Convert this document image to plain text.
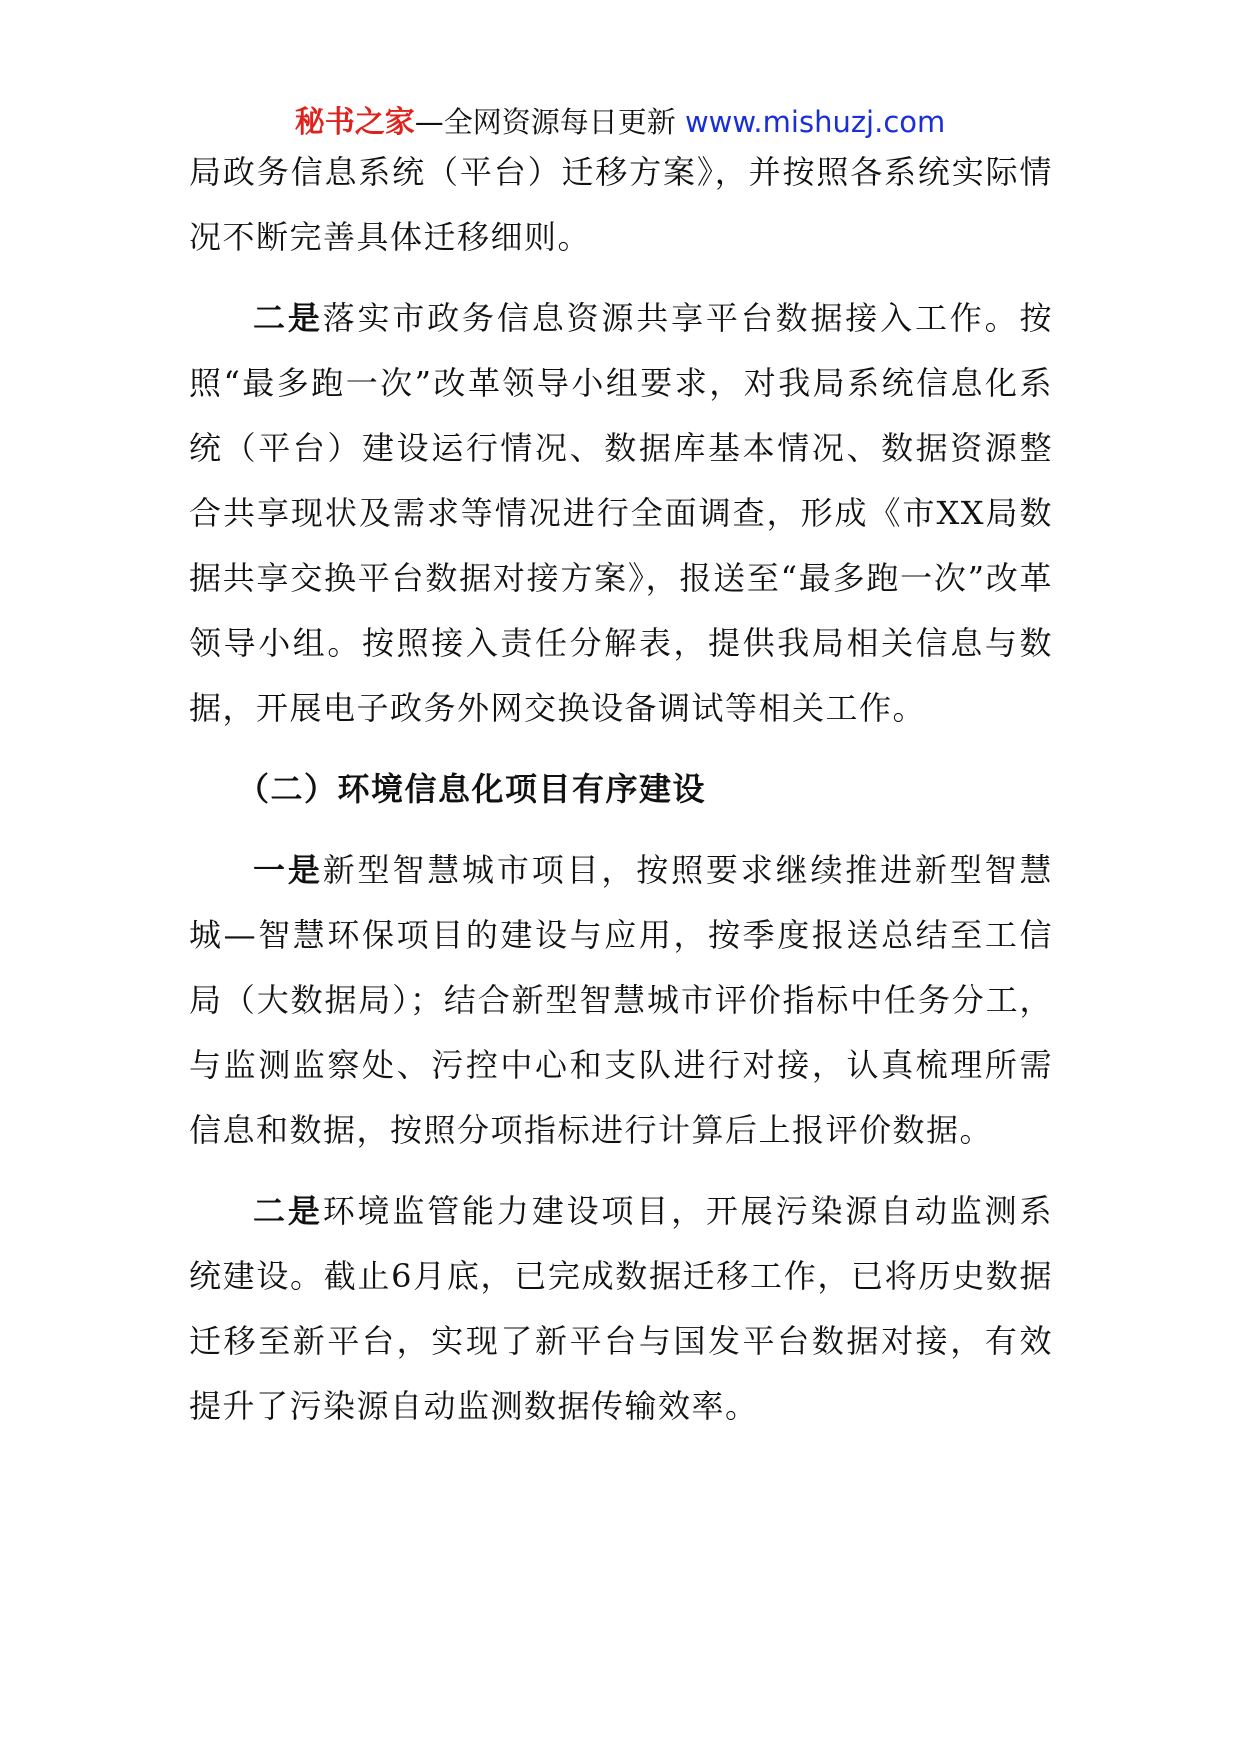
秘书之家—全网资源每日更新 www.mishuzj.com

局政务信息系统（平台）迁移方案》，并按照各系统实际情况不断完善具体迁移细则。

二是落实市政务信息资源共享平台数据接入工作。按照“最多跑一次”改革领导小组要求，对我局系统信息化系统（平台）建设运行情况、数据库基本情况、数据资源整合共享现状及需求等情况进行全面调查，形成《市XX局数据共享交换平台数据对接方案》，报送至“最多跑一次”改革领导小组。按照接入责任分解表，提供我局相关信息与数据，开展电子政务外网交换设备调试等相关工作。

（二）环境信息化项目有序建设

一是新型智慧城市项目，按照要求继续推进新型智慧城—智慧环保项目的建设与应用，按季度报送总结至工信局（大数据局）；结合新型智慧城市评价指标中任务分工，与监测监察处、污控中心和支队进行对接，认真梳理所需信息和数据，按照分项指标进行计算后上报评价数据。

二是环境监管能力建设项目，开展污染源自动监测系统建设。截止6月底，已完成数据迁移工作，已将历史数据迁移至新平台，实现了新平台与国发平台数据对接，有效提升了污染源自动监测数据传输效率。
